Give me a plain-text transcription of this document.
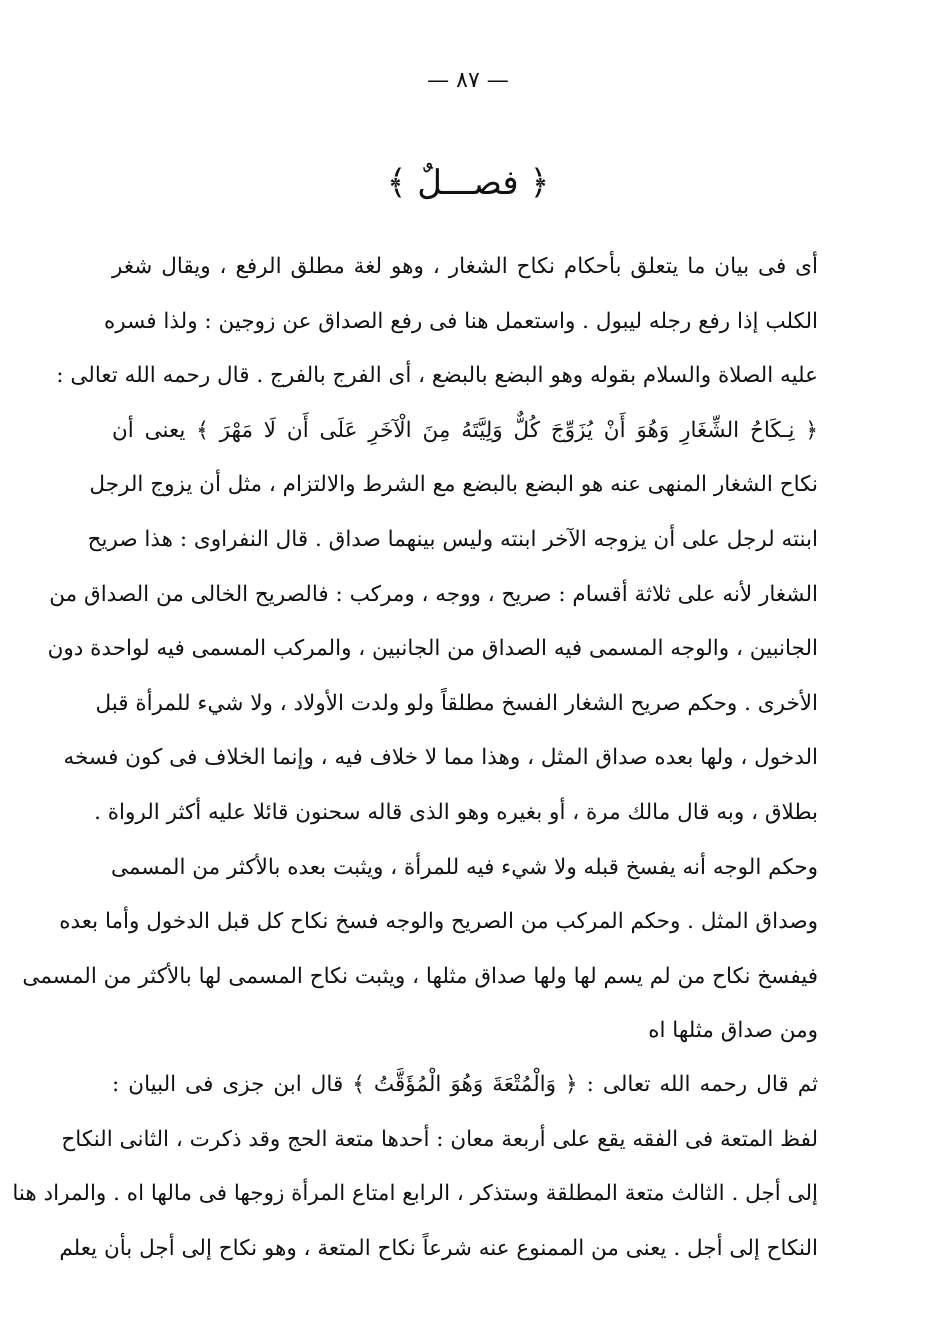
— ٨٧ —
﴿ فصـــلٌ ﴾
أى فى بيان ما يتعلق بأحكام نكاح الشغار ، وهو لغة مطلق الرفع ، ويقال شغر
الكلب إذا رفع رجله ليبول . واستعمل هنا فى رفع الصداق عن زوجين : ولذا فسره
عليه الصلاة والسلام بقوله وهو البضع بالبضع ، أى الفرج بالفرج . قال رحمه الله تعالى :
﴿ نِـكَاحُ الشِّغَارِ وَهُوَ أَنْ يُزَوِّجَ كُلٌّ وَلِيَّتَهُ مِنَ الْآخَرِ عَلَى أَن لَا مَهْرَ ﴾ يعنى أن
نكاح الشغار المنهى عنه هو البضع بالبضع مع الشرط والالتزام ، مثل أن يزوج الرجل
ابنته لرجل على أن يزوجه الآخر ابنته وليس بينهما صداق . قال النفراوى : هذا صريح
الشغار لأنه على ثلاثة أقسام : صريح ، ووجه ، ومركب : فالصريح الخالى من الصداق من
الجانبين ، والوجه المسمى فيه الصداق من الجانبين ، والمركب المسمى فيه لواحدة دون
الأخرى . وحكم صريح الشغار الفسخ مطلقاً ولو ولدت الأولاد ، ولا شيء للمرأة قبل
الدخول ، ولها بعده صداق المثل ، وهذا مما لا خلاف فيه ، وإنما الخلاف فى كون فسخه
بطلاق ، وبه قال مالك مرة ، أو بغيره وهو الذى قاله سحنون قائلا عليه أكثر الرواة .
وحكم الوجه أنه يفسخ قبله ولا شيء فيه للمرأة ، ويثبت بعده بالأكثر من المسمى
وصداق المثل . وحكم المركب من الصريح والوجه فسخ نكاح كل قبل الدخول وأما بعده
فيفسخ نكاح من لم يسم لها ولها صداق مثلها ، ويثبت نكاح المسمى لها بالأكثر من المسمى
ومن صداق مثلها اه
ثم قال رحمه الله تعالى : ﴿ وَالْمُتْعَةَ وَهُوَ الْمُؤَقَّتُ ﴾ قال ابن جزى فى البيان :
لفظ المتعة فى الفقه يقع على أربعة معان : أحدها متعة الحج وقد ذكرت ، الثانى النكاح
إلى أجل . الثالث متعة المطلقة وستذكر ، الرابع امتاع المرأة زوجها فى مالها اه . والمراد هنا
النكاح إلى أجل . يعنى من الممنوع عنه شرعاً نكاح المتعة ، وهو نكاح إلى أجل بأن يعلم
